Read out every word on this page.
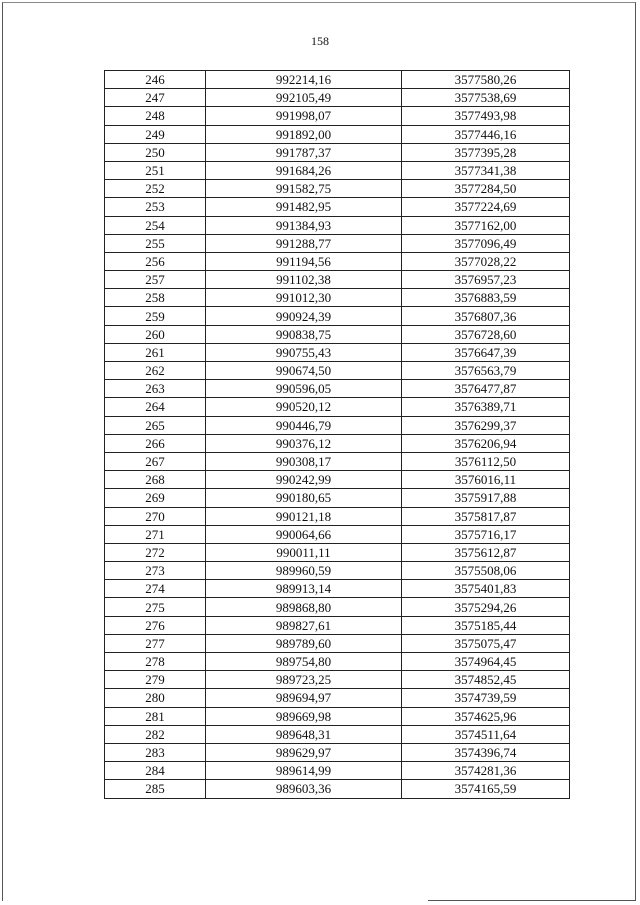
158
246	992214,16	3577580,26
247	992105,49	3577538,69
248	991998,07	3577493,98
249	991892,00	3577446,16
250	991787,37	3577395,28
251	991684,26	3577341,38
252	991582,75	3577284,50
253	991482,95	3577224,69
254	991384,93	3577162,00
255	991288,77	3577096,49
256	991194,56	3577028,22
257	991102,38	3576957,23
258	991012,30	3576883,59
259	990924,39	3576807,36
260	990838,75	3576728,60
261	990755,43	3576647,39
262	990674,50	3576563,79
263	990596,05	3576477,87
264	990520,12	3576389,71
265	990446,79	3576299,37
266	990376,12	3576206,94
267	990308,17	3576112,50
268	990242,99	3576016,11
269	990180,65	3575917,88
270	990121,18	3575817,87
271	990064,66	3575716,17
272	990011,11	3575612,87
273	989960,59	3575508,06
274	989913,14	3575401,83
275	989868,80	3575294,26
276	989827,61	3575185,44
277	989789,60	3575075,47
278	989754,80	3574964,45
279	989723,25	3574852,45
280	989694,97	3574739,59
281	989669,98	3574625,96
282	989648,31	3574511,64
283	989629,97	3574396,74
284	989614,99	3574281,36
285	989603,36	3574165,59
